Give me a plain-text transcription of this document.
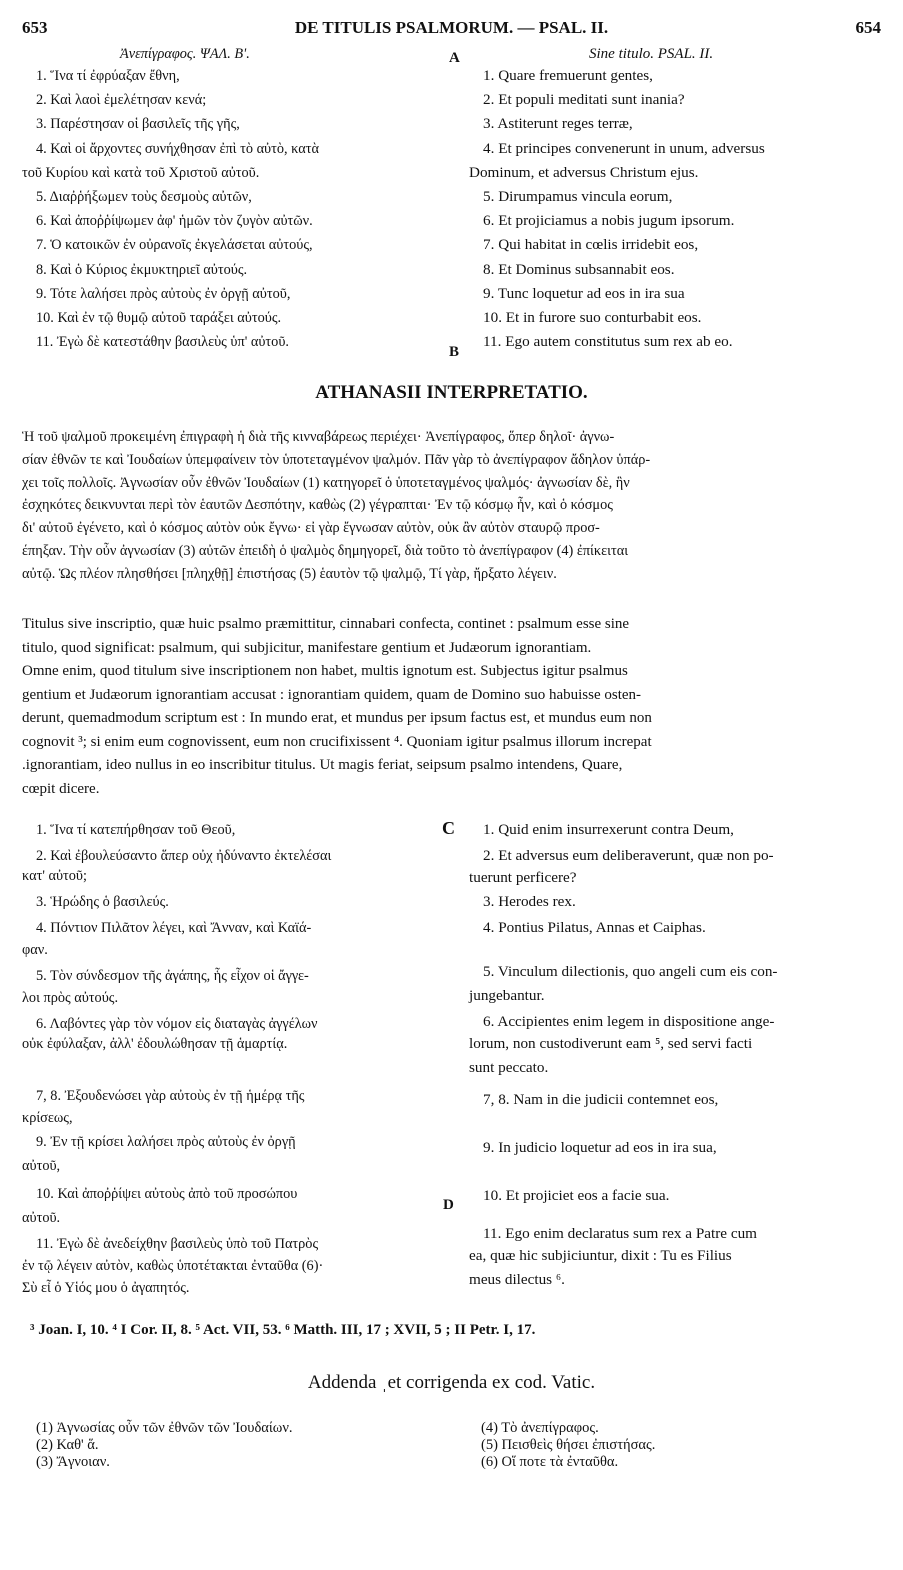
653	DE TITULIS PSALMORUM. — PSAL. II.	654
Ἀνεπίγραφος. ΨΑΛ. Β'.
1. Ἵνα τί ἐφρύαξαν ἔθνη,
2. Καὶ λαοὶ ἐμελέτησαν κενά;
3. Παρέστησαν οἱ βασιλεῖς τῆς γῆς,
4. Καὶ οἱ ἄρχοντες συνήχθησαν ἐπὶ τὸ αὐτὸ, κατὰ
τοῦ Κυρίου καὶ κατὰ τοῦ Χριστοῦ αὐτοῦ.
5. Διαῤῥήξωμεν τοὺς δεσμοὺς αὐτῶν,
6. Καὶ ἀποῤῥίψωμεν ἀφ' ἡμῶν τὸν ζυγὸν αὐτῶν.
7. Ὁ κατοικῶν ἐν οὐρανοῖς ἐκγελάσεται αὐτούς,
8. Καὶ ὁ Κύριος ἐκμυκτηριεῖ αὐτούς.
9. Τότε λαλήσει πρὸς αὐτοὺς ἐν ὀργῇ αὐτοῦ,
10. Καὶ ἐν τῷ θυμῷ αὐτοῦ ταράξει αὐτούς.
11. Ἐγὼ δὲ κατεστάθην βασιλεὺς ὑπ' αὐτοῦ.
Sine titulo. PSAL. II.
1. Quare fremuerunt gentes,
2. Et populi meditati sunt inania?
3. Astiterunt reges terræ,
4. Et principes convenerunt in unum, adversus
Dominum, et adversus Christum ejus.
5. Dirumpamus vincula eorum,
6. Et projiciamus a nobis jugum ipsorum.
7. Qui habitat in cœlis irridebit eos,
8. Et Dominus subsannabit eos.
9. Tunc loquetur ad eos in ira sua
10. Et in furore suo conturbabit eos.
11. Ego autem constitutus sum rex ab eo.
A
B
C
D
ATHANASII INTERPRETATIO.
Ἡ τοῦ ψαλμοῦ προκειμένη ἐπιγραφὴ ἡ διὰ τῆς κινναβάρεως περιέχει· Ἀνεπίγραφος, ὅπερ δηλοῖ· ἀγνω-
σίαν ἐθνῶν τε καὶ Ἰουδαίων ὑπεμφαίνειν τὸν ὑποτεταγμένον ψαλμόν. Πᾶν γὰρ τὸ ἀνεπίγραφον ἄδηλον ὑπάρ-
χει τοῖς πολλοῖς. Ἀγνωσίαν οὖν ἐθνῶν Ἰουδαίων (1) κατηγορεῖ ὁ ὑποτεταγμένος ψαλμός· ἀγνωσίαν δὲ, ἣν
ἐσχηκότες δεικνυνται περὶ τὸν ἑαυτῶν Δεσπότην, καθὼς (2) γέγραπται· Ἐν τῷ κόσμῳ ἦν, καὶ ὁ κόσμος
δι' αὐτοῦ ἐγένετο, καὶ ὁ κόσμος αὐτὸν οὐκ ἔγνω· εἰ γὰρ ἔγνωσαν αὐτὸν, οὐκ ἂν αὐτὸν σταυρῷ προσ-
έπηξαν. Τὴν οὖν ἀγνωσίαν (3) αὐτῶν ἐπειδὴ ὁ ψαλμὸς δημηγορεῖ, διὰ τοῦτο τὸ ἀνεπίγραφον (4) ἐπίκειται
αὐτῷ. Ὡς πλέον πλησθήσει [πληχθῇ] ἐπιστήσας (5) ἑαυτὸν τῷ ψαλμῷ, Τί γὰρ, ἤρξατο λέγειν.
Titulus sive inscriptio, quæ huic psalmo præmittitur, cinnabari confecta, continet : psalmum esse sine
titulo, quod significat: psalmum, qui subjicitur, manifestare gentium et Judæorum ignorantiam.
Omne enim, quod titulum sive inscriptionem non habet, multis ignotum est. Subjectus igitur psalmus
gentium et Judæorum ignorantiam accusat : ignorantiam quidem, quam de Domino suo habuisse osten-
derunt, quemadmodum scriptum est : In mundo erat, et mundus per ipsum factus est, et mundus eum non
cognovit ³; si enim eum cognovissent, eum non crucifixissent ⁴. Quoniam igitur psalmus illorum increpat
.ignorantiam, ideo nullus in eo inscribitur titulus. Ut magis feriat, seipsum psalmo intendens, Quare,
cœpit dicere.
1. Ἵνα τί κατεπήρθησαν τοῦ Θεοῦ,
2. Καὶ ἐβουλεύσαντο ἅπερ οὐχ ἠδύναντο ἐκτελέσαι
κατ' αὐτοῦ;
3. Ἡρώδης ὁ βασιλεύς.
4. Πόντιον Πιλᾶτον λέγει, καὶ Ἄνναν, καὶ Καϊά-
φαν.
5. Τὸν σύνδεσμον τῆς ἀγάπης, ἧς εἶχον οἱ ἄγγε-
λοι πρὸς αὐτούς.
6. Λαβόντες γὰρ τὸν νόμον εἰς διαταγὰς ἀγγέλων
οὐκ ἐφύλαξαν, ἀλλ' ἐδουλώθησαν τῇ ἁμαρτίᾳ.
7, 8. Ἐξουδενώσει γὰρ αὐτοὺς ἐν τῇ ἡμέρᾳ τῆς
κρίσεως,
9. Ἐν τῇ κρίσει λαλήσει πρὸς αὐτοὺς ἐν ὀργῇ
αὐτοῦ,
10. Καὶ ἀποῤῥίψει αὐτοὺς ἀπὸ τοῦ προσώπου
αὐτοῦ.
11. Ἐγὼ δὲ ἀνεδείχθην βασιλεὺς ὑπὸ τοῦ Πατρὸς
ἐν τῷ λέγειν αὐτὸν, καθὼς ὑποτέτακται ἐνταῦθα (6)·
Σὺ εἶ ὁ Υἱός μου ὁ ἀγαπητός.
1. Quid enim insurrexerunt contra Deum,
2. Et adversus eum deliberaverunt, quæ non po-
tuerunt perficere?
3. Herodes rex.
4. Pontius Pilatus, Annas et Caiphas.
5. Vinculum dilectionis, quo angeli cum eis con-
jungebantur.
6. Accipientes enim legem in dispositione ange-
lorum, non custodiverunt eam ⁵, sed servi facti
sunt peccato.
7, 8. Nam in die judicii contemnet eos,
9. In judicio loquetur ad eos in ira sua,
10. Et projiciet eos a facie sua.
11. Ego enim declaratus sum rex a Patre cum
ea, quæ hic subjiciuntur, dixit : Tu es Filius
meus dilectus ⁶.
³ Joan. I, 10. ⁴ I Cor. II, 8. ⁵ Act. VII, 53. ⁶ Matth. III, 17 ; XVII, 5 ; II Petr. I, 17.
Addenda ˌet corrigenda ex cod. Vatic.
(1) Ἀγνωσίας οὖν τῶν ἐθνῶν τῶν Ἰουδαίων.
(2) Καθ' ἅ.
(3) Ἄγνοιαν.
(4) Τὸ ἀνεπίγραφος.
(5) Πεισθεὶς θήσει ἐπιστήσας.
(6) Οἵ ποτε τὰ ἐνταῦθα.
